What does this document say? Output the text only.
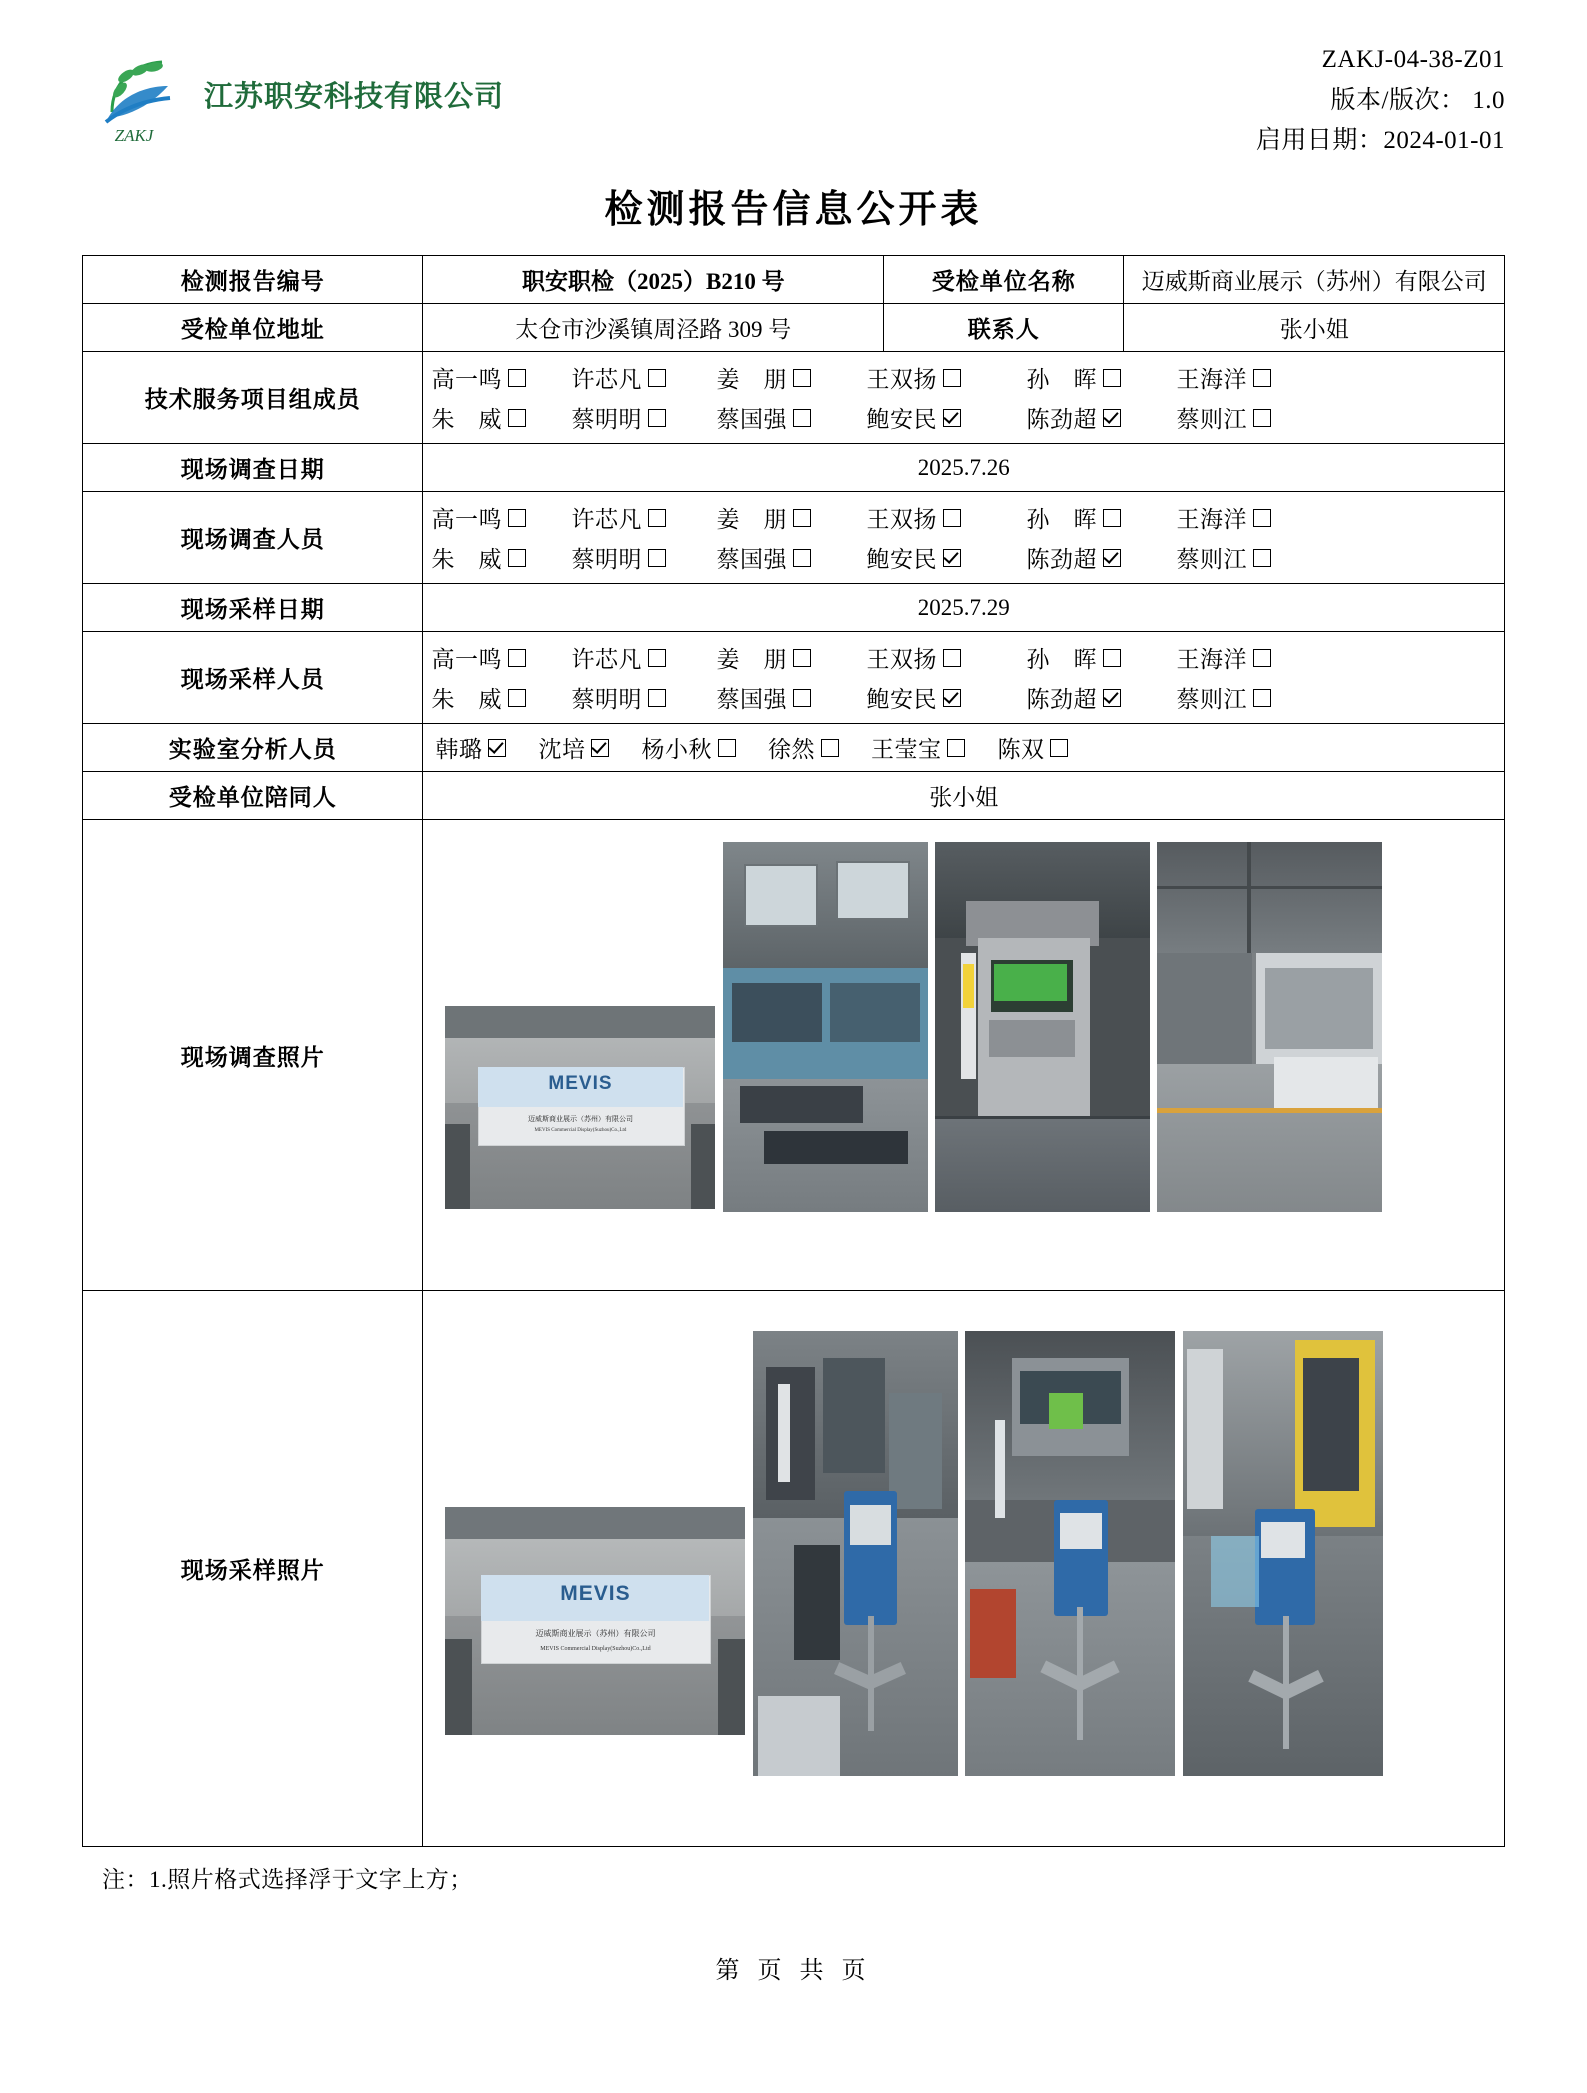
ZAKJ
江苏职安科技有限公司
ZAKJ-04-38-Z01
版本/版次： 1.0
启用日期：2024-01-01
检测报告信息公开表
检测报告编号	职安职检（2025）B210 号	受检单位名称	迈威斯商业展示（苏州）有限公司
受检单位地址	太仓市沙溪镇周泾路 309 号	联系人	张小姐
技术服务项目组成员	
高一鸣	许芯凡	姜　朋	王双扬	孙　晖	王海洋
朱　威	蔡明明	蔡国强	鲍安民	陈劲超	蔡则江

现场调查日期	2025.7.26		
现场调查人员	
高一鸣	许芯凡	姜　朋	王双扬	孙　晖	王海洋
朱　威	蔡明明	蔡国强	鲍安民	陈劲超	蔡则江

现场采样日期	2025.7.29		
现场采样人员	
高一鸣	许芯凡	姜　朋	王双扬	孙　晖	王海洋
朱　威	蔡明明	蔡国强	鲍安民	陈劲超	蔡则江

实验室分析人员	韩璐 沈培 杨小秋 徐然 王莹宝 陈双

受检单位陪同人	张小姐		
现场调查照片	MEVIS
迈威斯商业展示（苏州）有限公司
MEVIS Commercial Display(Suzhou)Co.,Ltd		

现场采样照片	MEVIS
迈威斯商业展示（苏州）有限公司
MEVIS Commercial Display(Suzhou)Co.,Ltd		
注：1.照片格式选择浮于文字上方；
第 页 共 页
